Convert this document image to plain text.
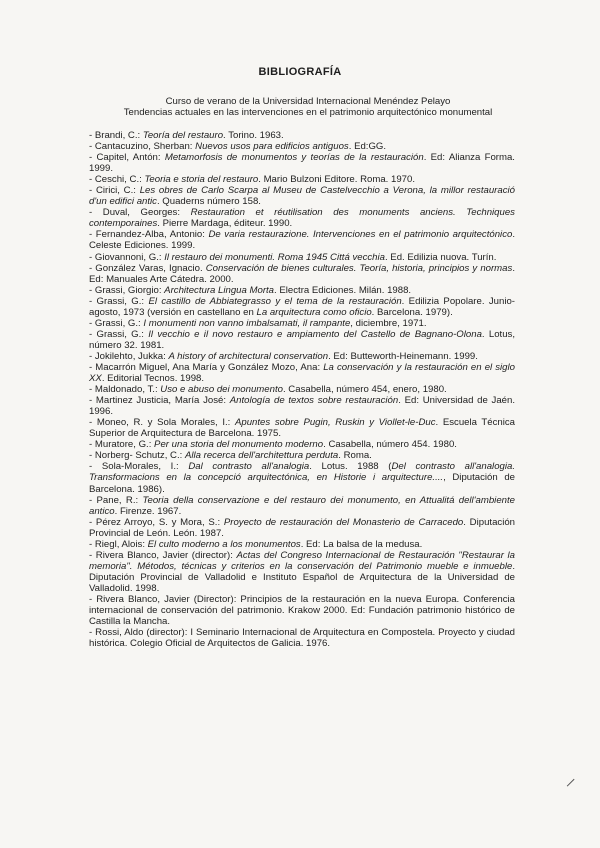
BIBLIOGRAFÍA
Curso de verano de la Universidad Internacional Menéndez Pelayo
Tendencias actuales en las intervenciones en el patrimonio arquitectónico monumental

- Brandi, C.: Teoría del restauro. Torino. 1963.

- Cantacuzino, Sherban: Nuevos usos para edificios antiguos. Ed:GG.

- Capitel, Antón: Metamorfosis de monumentos y teorías de la restauración. Ed: Alianza Forma. 1999.

- Ceschi, C.: Teoria e storia del restauro. Mario Bulzoni Editore. Roma. 1970.

- Cirici, C.: Les obres de Carlo Scarpa al Museu de Castelvecchio a Verona, la millor restauració d'un edifici antic. Quaderns número 158.

- Duval, Georges: Restauration et réutilisation des monuments anciens. Techniques contemporaines. Pierre Mardaga, éditeur. 1990.

- Fernandez-Alba, Antonio: De varia restaurazione. Intervenciones en el patrimonio arquitectónico. Celeste Ediciones. 1999.

- Giovannoni, G.: Il restauro dei monumenti. Roma 1945 Cittá vecchia. Ed. Edilizia nuova. Turín.

- González Varas, Ignacio. Conservación de bienes culturales. Teoría, historia, principios y normas. Ed: Manuales Arte Cátedra. 2000.

- Grassi, Giorgio: Architectura Lingua Morta. Electra Ediciones. Milán. 1988.

- Grassi, G.: El castillo de Abbiategrasso y el tema de la restauración. Edilizia Popolare. Junio-agosto, 1973 (versión en castellano en La arquitectura como oficio. Barcelona. 1979).

- Grassi, G.: I monumenti non vanno imbalsamati, il rampante, diciembre, 1971.

- Grassi, G.: Il vecchio e il novo restauro e ampiamento del Castello de Bagnano-Olona. Lotus, número 32. 1981.

- Jokilehto, Jukka: A history of architectural conservation. Ed: Butteworth-Heinemann. 1999.

- Macarrón Miguel, Ana María y González Mozo, Ana: La conservación y la restauración en el siglo XX. Editorial Tecnos. 1998.

- Maldonado, T.: Uso e abuso dei monumento. Casabella, número 454, enero, 1980.

- Martinez Justicia, María José: Antología de textos sobre restauración. Ed: Universidad de Jaén. 1996.

- Moneo, R. y Sola Morales, I.: Apuntes sobre Pugin, Ruskin y Viollet-le-Duc. Escuela Técnica Superior de Arquitectura de Barcelona. 1975.

- Muratore, G.: Per una storia del monumento moderno. Casabella, número 454. 1980.

- Norberg- Schutz, C.: Alla recerca dell'architettura perduta. Roma.

- Sola-Morales, I.: Dal contrasto all'analogia. Lotus. 1988 (Del contrasto all'analogia. Transformacions en la concepció arquitectónica, en Historie i arquitecture...., Diputación de Barcelona. 1986).

- Pane, R.: Teoria della conservazione e del restauro dei monumento, en Attualitá dell'ambiente antico. Firenze. 1967.

- Pérez Arroyo, S. y Mora, S.: Proyecto de restauración del Monasterio de Carracedo. Diputación Provincial de León. León. 1987.

- Riegl, Alois: El culto moderno a los monumentos. Ed: La balsa de la medusa.

- Rivera Blanco, Javier (director): Actas del Congreso Internacional de Restauración "Restaurar la memoria". Métodos, técnicas y criterios en la conservación del Patrimonio mueble e inmueble. Diputación Provincial de Valladolid e Instituto Español de Arquitectura de la Universidad de Valladolid. 1998.

- Rivera Blanco, Javier (Director): Principios de la restauración en la nueva Europa. Conferencia internacional de conservación del patrimonio. Krakow 2000. Ed: Fundación patrimonio histórico de Castilla la Mancha.

- Rossi, Aldo (director): I Seminario Internacional de Arquitectura en Compostela. Proyecto y ciudad histórica. Colegio Oficial de Arquitectos de Galicia. 1976.
